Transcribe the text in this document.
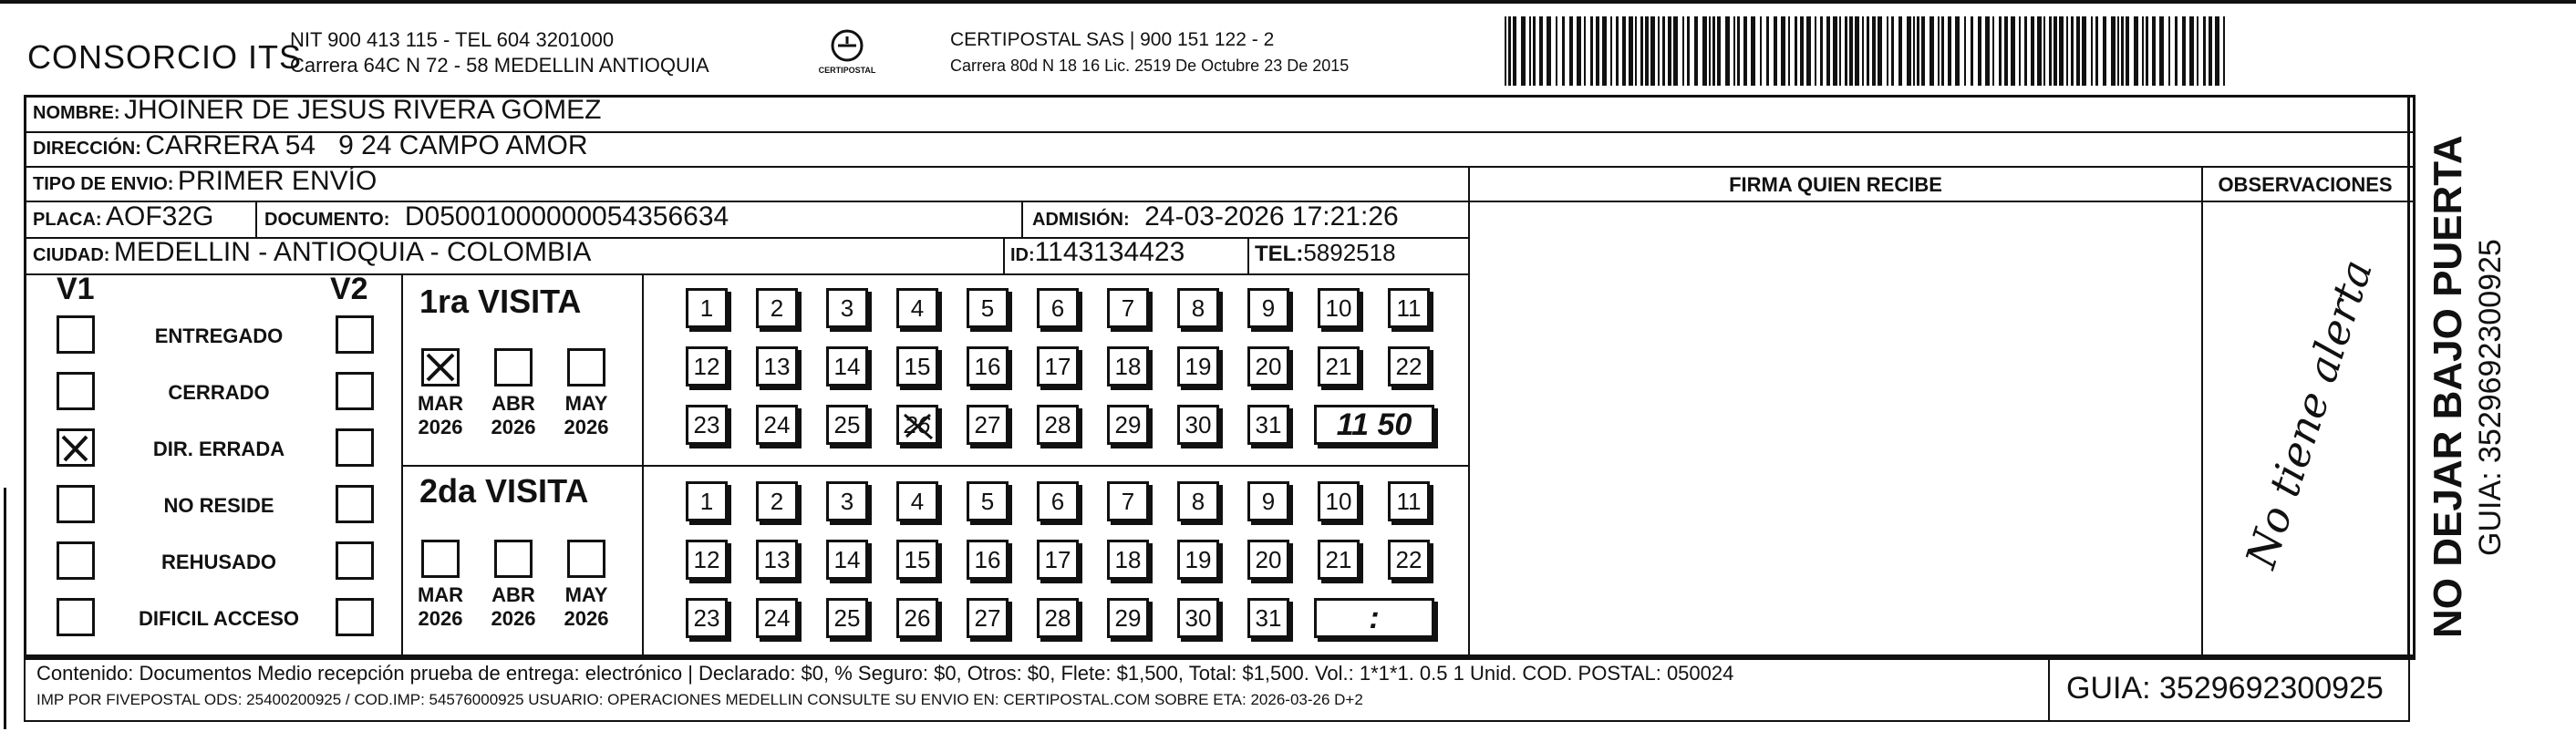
CONSORCIO ITS
NIT 900 413 115 - TEL 604 3201000
Carrera 64C N 72 - 58 MEDELLIN ANTIOQUIA	CERTIPOSTAL
CERTIPOSTAL SAS | 900 151 122 - 2
Carrera 80d N 18 16 Lic. 2519 De Octubre 23 De 2015
NOMBRE: JHOINER DE JESUS RIVERA GOMEZ
DIRECCIÓN: CARRERA 54   9 24 CAMPO AMOR
TIPO DE ENVIO: PRIMER ENVÍO
PLACA: AOF32G	DOCUMENTO: D0500100000005435663​4	ADMISIÓN: 24-03-2026 17:21:26
CIUDAD: MEDELLIN - ANTIOQUIA - COLOMBIA	ID:1143134423	TEL:5892518
FIRMA QUIEN RECIBE	OBSERVACIONES
V1	V2
ENTREGADO
CERRADO
DIR. ERRADA
NO RESIDE
REHUSADO
DIFICIL ACCESO
1ra VISITA
MAR
2026
ABR
2026
MAY
2026
1	2	3	4	5	6	7	8	9	10	11
12	13	14	15	16	17	18	19	20	21	22
23	24	25	26	27	28	29	30	31	11 50
2da VISITA
MAR
2026
ABR
2026
MAY
2026
1	2	3	4	5	6	7	8	9	10	11
12	13	14	15	16	17	18	19	20	21	22
23	24	25	26	27	28	29	30	31	:
No tiene alerta NO DEJAR BAJO PUERTA GUIA: 3529692300925
Contenido: Documentos Medio recepción prueba de entrega: electrónico | Declarado: $0, % Seguro: $0, Otros: $0, Flete: $1,500, Total: $1,500. Vol.: 1*1*1. 0.5 1 Unid. COD. POSTAL: 050024
IMP POR FIVEPOSTAL ODS: 25400200925 / COD.IMP: 54576000925 USUARIO: OPERACIONES MEDELLIN CONSULTE SU ENVIO EN: CERTIPOSTAL.COM SOBRE ETA: 2026-03-26 D+2	GUIA: 3529692300925
